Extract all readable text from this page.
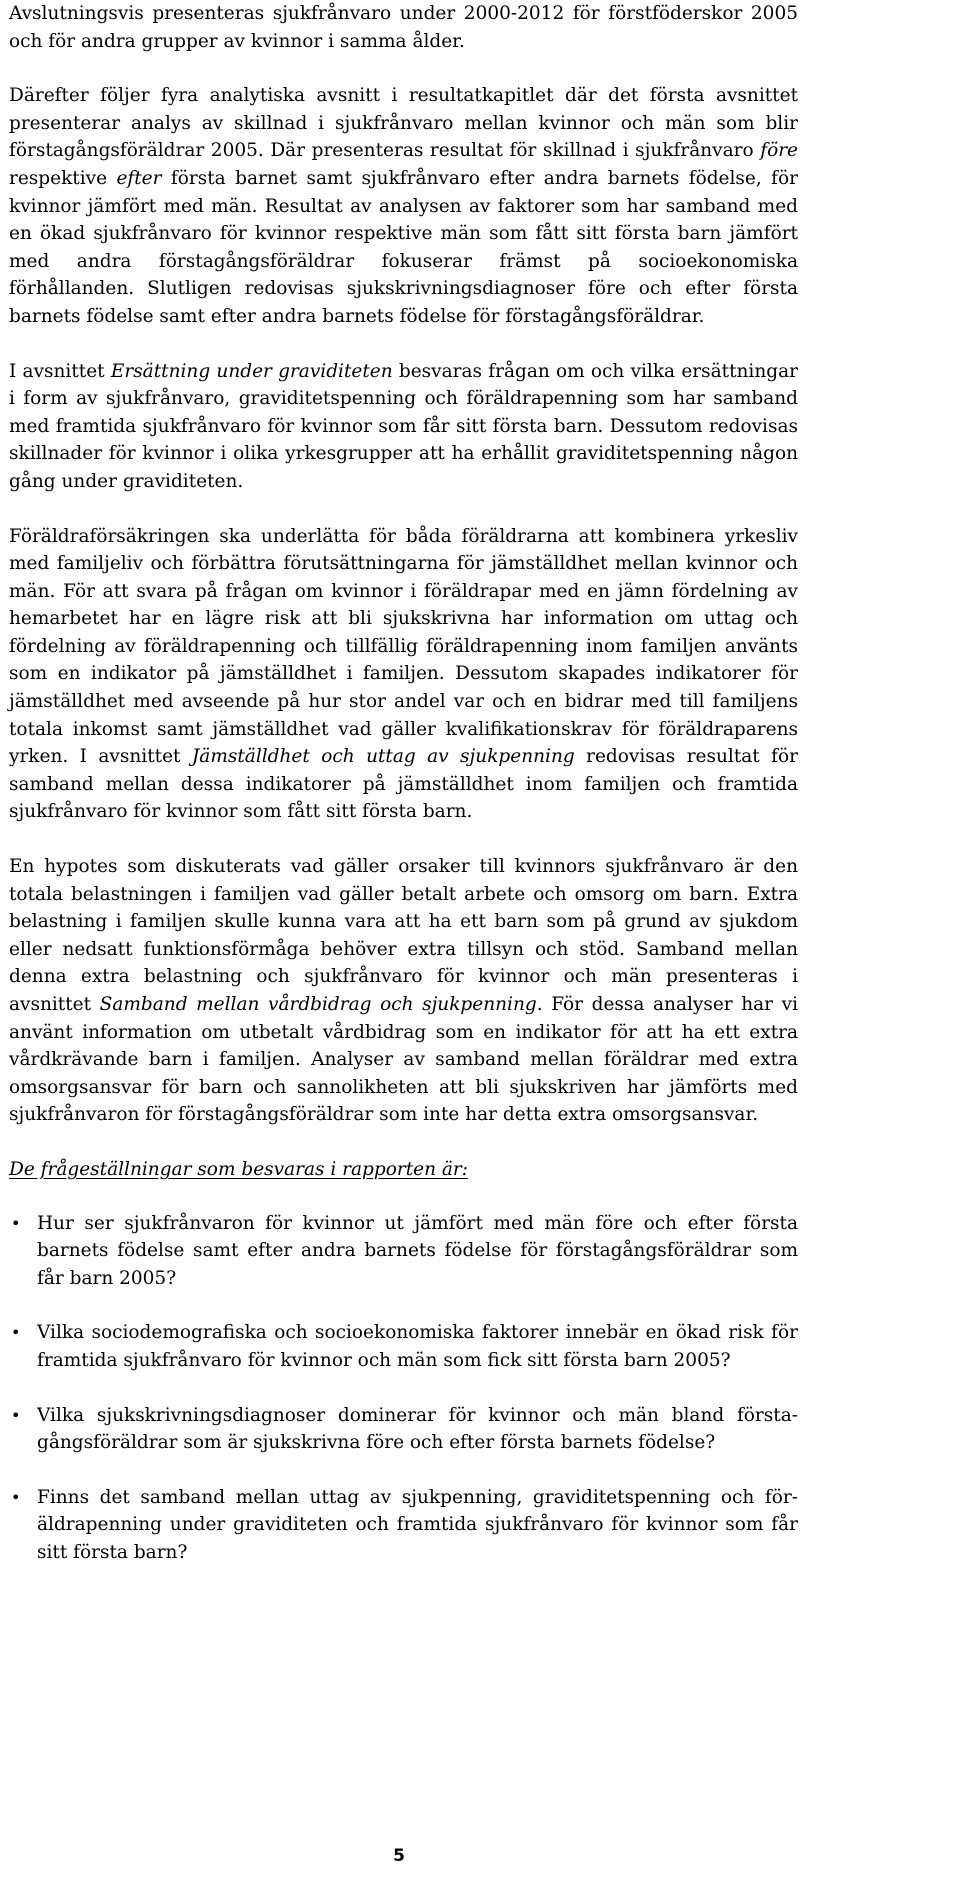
Avslutningsvis presenteras sjukfrånvaro under 2000-2012 för förstföderskor 2005 och för andra grupper av kvinnor i samma ålder.

Därefter följer fyra analytiska avsnitt i resultatkapitlet där det första avsnittet presenterar analys av skillnad i sjukfrånvaro mellan kvinnor och män som blir förstagångsföräldrar 2005. Där presenteras resultat för skillnad i sjukfrånvaro före respektive efter första barnet samt sjukfrånvaro efter andra barnets födelse, för kvinnor jämfört med män. Resultat av analysen av faktorer som har samband med en ökad sjukfrånvaro för kvinnor respektive män som fått sitt första barn jämfört med andra förstagångsföräldrar fokuserar främst på socioekonomiska förhållanden. Slutligen redovisas sjukskrivningsdiagnoser före och efter första barnets födelse samt efter andra barnets födelse för förstagångsföräldrar.

I avsnittet Ersättning under graviditeten besvaras frågan om och vilka ersättningar i form av sjukfrånvaro, graviditetspenning och föräldrapenning som har samband med framtida sjukfrånvaro för kvinnor som får sitt första barn. Dessutom redovisas skillnader för kvinnor i olika yrkesgrupper att ha erhållit graviditetspenning någon gång under graviditeten.

Föräldraförsäkringen ska underlätta för båda föräldrarna att kombinera yrkesliv med familjeliv och förbättra förutsättningarna för jämställdhet mellan kvinnor och män. För att svara på frågan om kvinnor i föräldrapar med en jämn fördelning av hemarbetet har en lägre risk att bli sjukskrivna har information om uttag och fördelning av föräldrapenning och tillfällig föräldrapenning inom familjen använts som en indikator på jämställdhet i familjen. Dessutom skapades indikatorer för jämställdhet med avseende på hur stor andel var och en bidrar med till familjens totala inkomst samt jämställdhet vad gäller kvalifikationskrav för föräldraparens yrken. I avsnittet Jämställdhet och uttag av sjukpenning redovisas resultat för samband mellan dessa indikatorer på jämställdhet inom familjen och framtida sjukfrånvaro för kvinnor som fått sitt första barn.

En hypotes som diskuterats vad gäller orsaker till kvinnors sjukfrånvaro är den totala belastningen i familjen vad gäller betalt arbete och omsorg om barn. Extra belastning i familjen skulle kunna vara att ha ett barn som på grund av sjukdom eller nedsatt funktionsförmåga behöver extra tillsyn och stöd. Samband mellan denna extra belastning och sjukfrånvaro för kvinnor och män presenteras i avsnittet Samband mellan vårdbidrag och sjukpenning. För dessa analyser har vi använt information om utbetalt vårdbidrag som en indikator för att ha ett extra vårdkrävande barn i familjen. Analyser av samband mellan föräldrar med extra omsorgsansvar för barn och sannolikheten att bli sjukskriven har jämförts med sjukfrånvaron för förstagångsföräldrar som inte har detta extra omsorgsansvar.

De frågeställningar som besvaras i rapporten är:

• Hur ser sjukfrånvaron för kvinnor ut jämfört med män före och efter första barnets födelse samt efter andra barnets födelse för förstagångsföräldrar som får barn 2005?
• Vilka sociodemografiska och socioekonomiska faktorer innebär en ökad risk för framtida sjukfrånvaro för kvinnor och män som fick sitt första barn 2005?
• Vilka sjukskrivningsdiagnoser dominerar för kvinnor och män bland förstagångsföräldrar som är sjukskrivna före och efter första barnets födelse?
• Finns det samband mellan uttag av sjukpenning, graviditetspenning och föräldrapenning under graviditeten och framtida sjukfrånvaro för kvinnor som får sitt första barn?
5
